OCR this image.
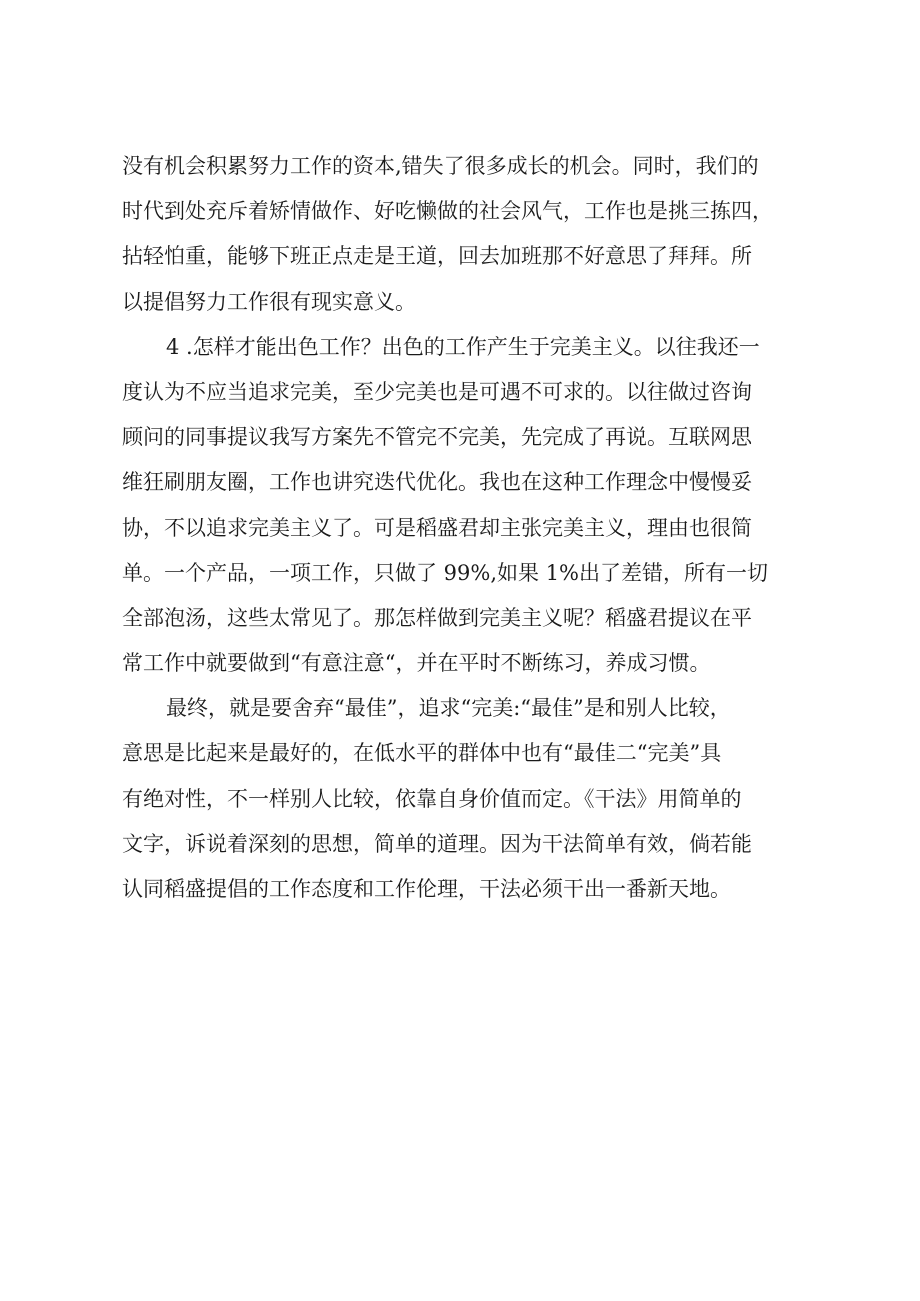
没有机会积累努力工作的资本,错失了很多成长的机会。同时，我们的
时代到处充斥着矫情做作、好吃懒做的社会风气，工作也是挑三拣四，
拈轻怕重，能够下班正点走是王道，回去加班那不好意思了拜拜。所
以提倡努力工作很有现实意义。
4 .怎样才能出色工作？出色的工作产生于完美主义。以往我还一
度认为不应当追求完美，至少完美也是可遇不可求的。以往做过咨询
顾问的同事提议我写方案先不管完不完美，先完成了再说。互联网思
维狂刷朋友圈，工作也讲究迭代优化。我也在这种工作理念中慢慢妥
协，不以追求完美主义了。可是稻盛君却主张完美主义，理由也很简
单。一个产品，一项工作，只做了 99%,如果 1%出了差错，所有一切
全部泡汤，这些太常见了。那怎样做到完美主义呢？稻盛君提议在平
常工作中就要做到“有意注意“，并在平时不断练习，养成习惯。
最终，就是要舍弃“最佳”，追求“完美:“最佳”是和别人比较，
意思是比起来是最好的，在低水平的群体中也有“最佳二“完美”具
有绝对性，不一样别人比较，依靠自身价值而定。《干法》用简单的
文字，诉说着深刻的思想，简单的道理。因为干法简单有效，倘若能
认同稻盛提倡的工作态度和工作伦理，干法必须干出一番新天地。
